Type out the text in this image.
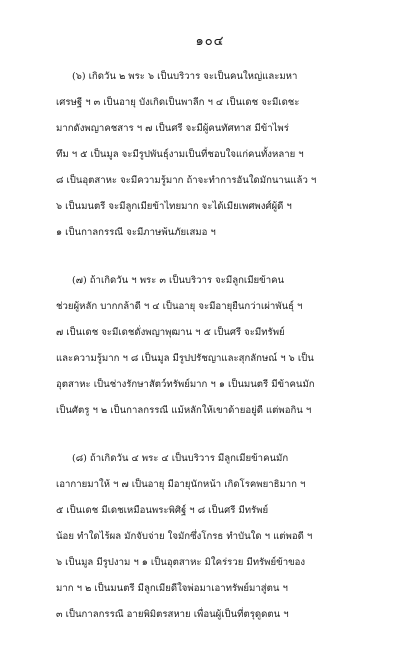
๑๐๔

(๖) เกิดวัน ๒ พระ ๖ เป็นบริวาร จะเป็นคนใหญ่และมหา
เศรษฐี ฯ ๓ เป็นอายุ บังเกิดเป็นพาลีก ฯ ๔ เป็นเดช จะมีเดชะ
มากดังพญาคชสาร ฯ ๗ เป็นศรี จะมีผู้คนทัศทาส มีข้าไพร่
ทึม ฯ ๕ เป็นมูล จะมีรูปพันธุ์งามเป็นที่ชอบใจแก่คนทั้งหลาย ฯ
๘ เป็นอุตสาหะ จะมีความรู้มาก ถ้าจะทำการอันใดมักนานแล้ว ฯ
๖ เป็นมนตรี จะมีลูกเมียข้าไทยมาก จะได้เมียเพศพงศ์ผู้ดี ฯ
๑ เป็นกาลกรรณี จะมีภาษพ้นภัยเสมอ ฯ

(๗) ถ้าเกิดวัน ฯ พระ ๓ เป็นบริวาร จะมีลูกเมียข้าคน
ช่วยผู้หลัก บากกล้าดี ฯ ๔ เป็นอายุ จะมีอายุยืนกว่าเผ่าพันธุ์ ฯ
๗ เป็นเดช จะมีเดชดั่งพญาพุฒาน ฯ ๕ เป็นศรี จะมีทรัพย์
และความรู้มาก ฯ ๘ เป็นมูล มีรูปปรัชญาและสุกลักษณ์ ฯ ๖ เป็น
อุตสาหะ เป็นช่างรักษาสัตว์ทรัพย์มาก ฯ ๑ เป็นมนตรี มีข้าคนมัก
เป็นศัตรู ฯ ๒ เป็นกาลกรรณี แม้หลักให้เขาด้ายอยู่ดี แต่พอกิน ฯ

(๘) ถ้าเกิดวัน ๔ พระ ๔ เป็นบริวาร มีลูกเมียข้าคนมัก
เอากายมาให้ ฯ ๗ เป็นอายุ มีอายุนักหน้า เกิดโรคพยาธิมาก ฯ
๕ เป็นเดช มีเดชเหมือนพระพิศิฐ์ ฯ ๘ เป็นศรี มีทรัพย์
น้อย ทำใดไร้ผล มักจับจ่าย ใจมักซึ่งโกรธ ทำบันใด ฯ แต่พอดี ฯ
๖ เป็นมูล มีรูปงาม ฯ ๑ เป็นอุตสาหะ มิใคร่รวย มีทรัพย์ข้าของ
มาก ฯ ๒ เป็นมนตรี มีลูกเมียดีใจพ่อมาเอาทรัพย์มาสู่ตน ฯ
๓ เป็นกาลกรรณี อายพิมิตรสหาย เพื่อนผู้เป็นที่ตรุดูดตน ฯ
